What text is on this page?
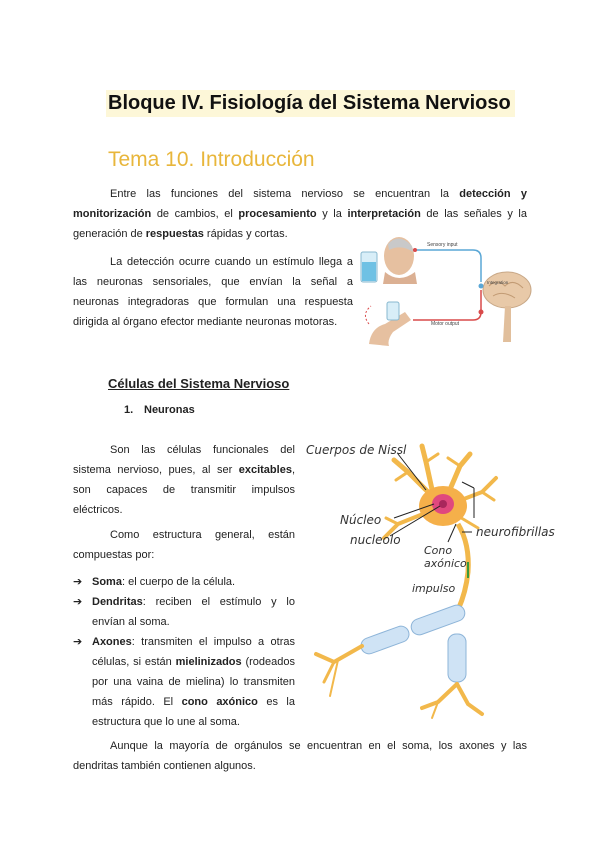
Bloque IV. Fisiología del Sistema Nervioso
Tema 10. Introducción

Entre las funciones del sistema nervioso se encuentran la detección y monitorización de cambios, el procesamiento y la interpretación de las señales y la generación de respuestas rápidas y cortas.

La detección ocurre cuando un estímulo llega a las neuronas sensoriales, que envían la señal a neuronas integradoras que formulan una respuesta dirigida al órgano efector mediante neuronas motoras.

Sensory input
Integration
Motor output
Células del Sistema Nervioso
1. Neuronas

Son las células funcionales del sistema nervioso, pues, al ser excitables, son capaces de transmitir impulsos eléctricos.

Como estructura general, están compuestas por:

➔ Soma: el cuerpo de la célula.
➔ Dendritas: reciben el estímulo y lo envían al soma.
➔ Axones: transmiten el impulso a otras células, si están mielinizados (rodeados por una vaina de mielina) lo transmiten más rápido. El cono axónico es la estructura que lo une al soma.
Cuerpos de Nissl
Núcleo
nucleolo
neurofibrillas
Cono
axónico
impulso

Aunque la mayoría de orgánulos se encuentran en el soma, los axones y las dendritas también contienen algunos.
